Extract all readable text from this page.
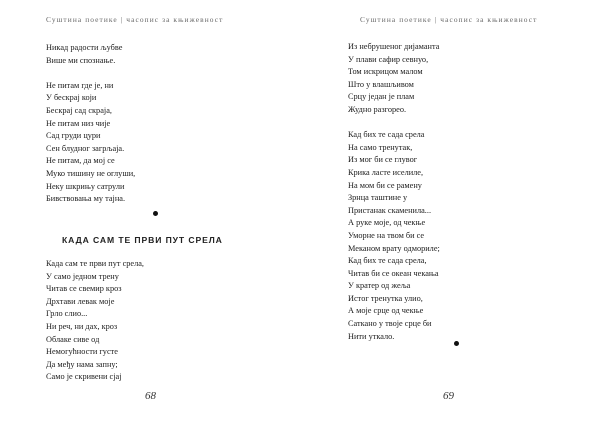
Суштина поетике | часопис за књижевност
Никад радости љубве
Више ми спознање.
Не питам где је, ни
У бескрај који
Бескрај сад скраја,
Не питам низ чије
Сад груди цури
Сен блудног загрљаја.
Не питам, да мој се
Муко тишину не оглуши,
Неку шкрињу сатрули
Бивствовања му тајна.
КАДА САМ ТЕ ПРВИ ПУТ СРЕЛА
Када сам те први пут срела,
У само једном трену
Читав се свемир кроз
Дрхтави левак моје
Грло слио...
Ни реч, ни дах, кроз
Облаке сиве од
Немогућности густе
Да међу нама запну;
Само је скривени сјај
68
Суштина поетике | часопис за књижевност
Из небрушеног дијаманта
У плави сафир севнуо,
Том искрицом малом
Што у влашљивом
Срцу један је плам
Жудно разгорео.
Кад бих те сада срела
На само тренутак,
Из мог би се глувог
Крика ласте иселиле,
На мом би се рамену
Зрнца таштине у
Пристанак скаменила...
А руке моје, од чекње
Уморне на твом би се
Меканом врату одмориле;
Кад бих те сада срела,
Читав би се океан чекања
У кратер од жеља
Истог тренутка улио,
А моје срце од чекње
Саткано у твоје срце би
Нити уткало.
69
